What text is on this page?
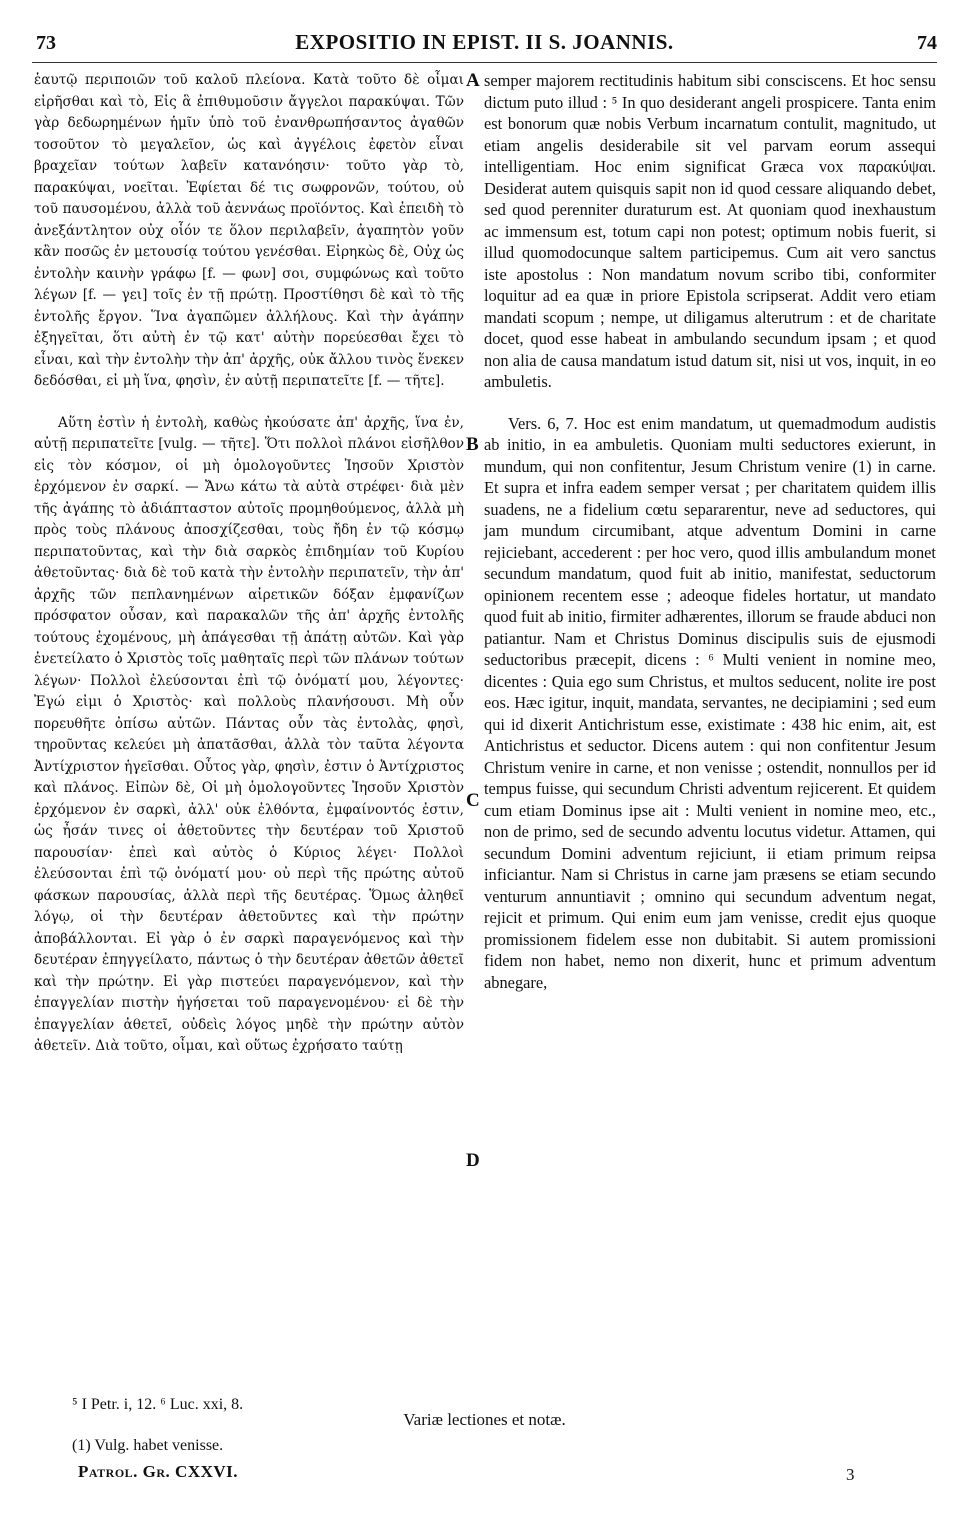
73	EXPOSITIO IN EPIST. II S. JOANNIS.	74

ἑαυτῷ περιποιῶν τοῦ καλοῦ πλείονα. Κατὰ τοῦτο δὲ οἶμαι εἰρῆσθαι καὶ τὸ, Εἰς ἃ ἐπιθυμοῦσιν ἄγγελοι παρακύψαι. Τῶν γὰρ δεδωρημένων ἡμῖν ὑπὸ τοῦ ἐνανθρωπήσαντος ἀγαθῶν τοσοῦτον τὸ μεγαλεῖον, ὡς καὶ ἀγγέλοις ἐφετὸν εἶναι βραχεῖαν τούτων λαβεῖν κατανόησιν· τοῦτο γὰρ τὸ, παρακύψαι, νοεῖται. Ἐφίεται δέ τις σωφρονῶν, τούτου, οὐ τοῦ παυσομένου, ἀλλὰ τοῦ ἀεννάως προϊόντος. Καὶ ἐπειδὴ τὸ ἀνεξάντλητον οὐχ οἷόν τε ὅλον περιλαβεῖν, ἀγαπητὸν γοῦν κἂν ποσῶς ἐν μετουσίᾳ τούτου γενέσθαι. Εἰρηκὼς δὲ, Οὐχ ὡς ἐντολὴν καινὴν γράφω [f. — φων] σοι, συμφώνως καὶ τοῦτο λέγων [f. — γει] τοῖς ἐν τῇ πρώτῃ. Προστίθησι δὲ καὶ τὸ τῆς ἐντολῆς ἔργον. Ἵνα ἀγαπῶμεν ἀλλήλους. Καὶ τὴν ἀγάπην ἐξηγεῖται, ὅτι αὐτὴ ἐν τῷ κατ' αὐτὴν πορεύεσθαι ἔχει τὸ εἶναι, καὶ τὴν ἐντολὴν τὴν ἀπ' ἀρχῆς, οὐκ ἄλλου τινὸς ἕνεκεν δεδόσθαι, εἰ μὴ ἵνα, φησὶν, ἐν αὐτῇ περιπατεῖτε [f. — τῆτε].

Αὕτη ἐστὶν ἡ ἐντολὴ, καθὼς ἠκούσατε ἀπ' ἀρχῆς, ἵνα ἐν, αὐτῇ περιπατεῖτε [vulg. — τῆτε]. Ὅτι πολλοὶ πλάνοι εἰσῆλθον εἰς τὸν κόσμον, οἱ μὴ ὁμολογοῦντες Ἰησοῦν Χριστὸν ἐρχόμενον ἐν σαρκί. — Ἄνω κάτω τὰ αὐτὰ στρέφει· διὰ μὲν τῆς ἀγάπης τὸ ἀδιάπταστον αὐτοῖς προμηθούμενος, ἀλλὰ μὴ πρὸς τοὺς πλάνους ἀποσχίζεσθαι, τοὺς ἤδη ἐν τῷ κόσμῳ περιπατοῦντας, καὶ τὴν διὰ σαρκὸς ἐπιδημίαν τοῦ Κυρίου ἀθετοῦντας· διὰ δὲ τοῦ κατὰ τὴν ἐντολὴν περιπατεῖν, τὴν ἀπ' ἀρχῆς τῶν πεπλανημένων αἱρετικῶν δόξαν ἐμφανίζων πρόσφατον οὖσαν, καὶ παρακαλῶν τῆς ἀπ' ἀρχῆς ἐντολῆς τούτους ἐχομένους, μὴ ἀπάγεσθαι τῇ ἀπάτῃ αὐτῶν. Καὶ γὰρ ἐνετείλατο ὁ Χριστὸς τοῖς μαθηταῖς περὶ τῶν πλάνων τούτων λέγων· Πολλοὶ ἐλεύσονται ἐπὶ τῷ ὀνόματί μου, λέγοντες· Ἐγώ εἰμι ὁ Χριστὸς· καὶ πολλοὺς πλανήσουσι. Μὴ οὖν πορευθῆτε ὀπίσω αὐτῶν. Πάντας οὖν τὰς ἐντολὰς, φησὶ, τηροῦντας κελεύει μὴ ἀπατᾶσθαι, ἀλλὰ τὸν ταῦτα λέγοντα Ἀντίχριστον ἡγεῖσθαι. Οὗτος γὰρ, φησὶν, ἐστιν ὁ Ἀντίχριστος καὶ πλάνος. Εἰπὼν δὲ, Οἱ μὴ ὁμολογοῦντες Ἰησοῦν Χριστὸν ἐρχόμενον ἐν σαρκὶ, ἀλλ' οὐκ ἐλθόντα, ἐμφαίνοντός ἐστιν, ὡς ἦσάν τινες οἱ ἀθετοῦντες τὴν δευτέραν τοῦ Χριστοῦ παρουσίαν· ἐπεὶ καὶ αὐτὸς ὁ Κύριος λέγει· Πολλοὶ ἐλεύσονται ἐπὶ τῷ ὀνόματί μου· οὐ περὶ τῆς πρώτης αὐτοῦ φάσκων παρουσίας, ἀλλὰ περὶ τῆς δευτέρας. Ὅμως ἀληθεῖ λόγῳ, οἱ τὴν δευτέραν ἀθετοῦντες καὶ τὴν πρώτην ἀποβάλλονται. Εἰ γὰρ ὁ ἐν σαρκὶ παραγενόμενος καὶ τὴν δευτέραν ἐπηγγείλατο, πάντως ὁ τὴν δευτέραν ἀθετῶν ἀθετεῖ καὶ τὴν πρώτην. Εἰ γὰρ πιστεύει παραγενόμενον, καὶ τὴν ἐπαγγελίαν πιστὴν ἡγήσεται τοῦ παραγενομένου· εἰ δὲ τὴν ἐπαγγελίαν ἀθετεῖ, οὐδεὶς λόγος μηδὲ τὴν πρώτην αὐτὸν ἀθετεῖν. Διὰ τοῦτο, οἶμαι, καὶ οὕτως ἐχρήσατο ταύτῃ

A
B
C
D

semper majorem rectitudinis habitum sibi consciscens. Et hoc sensu dictum puto illud : ⁵ In quo desiderant angeli prospicere. Tanta enim est bonorum quæ nobis Verbum incarnatum contulit, magnitudo, ut etiam angelis desiderabile sit vel parvam eorum assequi intelligentiam. Hoc enim significat Græca vox παρακύψαι. Desiderat autem quisquis sapit non id quod cessare aliquando debet, sed quod perenniter duraturum est. At quoniam quod inexhaustum ac immensum est, totum capi non potest; optimum nobis fuerit, si illud quomodocunque saltem participemus. Cum ait vero sanctus iste apostolus : Non mandatum novum scribo tibi, conformiter loquitur ad ea quæ in priore Epistola scripserat. Addit vero etiam mandati scopum ; nempe, ut diligamus alterutrum : et de charitate docet, quod esse habeat in ambulando secundum ipsam ; et quod non alia de causa mandatum istud datum sit, nisi ut vos, inquit, in eo ambuletis.

Vers. 6, 7. Hoc est enim mandatum, ut quemadmodum audistis ab initio, in ea ambuletis. Quoniam multi seductores exierunt, in mundum, qui non confitentur, Jesum Christum venire (1) in carne. Et supra et infra eadem semper versat ; per charitatem quidem illis suadens, ne a fidelium cœtu separarentur, neve ad seductores, qui jam mundum circumibant, atque adventum Domini in carne rejiciebant, accederent : per hoc vero, quod illis ambulandum monet secundum mandatum, quod fuit ab initio, manifestat, seductorum opinionem recentem esse ; adeoque fideles hortatur, ut mandato quod fuit ab initio, firmiter adhærentes, illorum se fraude abduci non patiantur. Nam et Christus Dominus discipulis suis de ejusmodi seductoribus præcepit, dicens : ⁶ Multi venient in nomine meo, dicentes : Quia ego sum Christus, et multos seducent, nolite ire post eos. Hæc igitur, inquit, mandata, servantes, ne decipiamini ; sed eum qui id dixerit Antichristum esse, existimate : 438 hic enim, ait, est Antichristus et seductor. Dicens autem : qui non confitentur Jesum Christum venire in carne, et non venisse ; ostendit, nonnullos per id tempus fuisse, qui secundum Christi adventum rejicerent. Et quidem cum etiam Dominus ipse ait : Multi venient in nomine meo, etc., non de primo, sed de secundo adventu locutus videtur. Attamen, qui secundum Domini adventum rejiciunt, ii etiam primum reipsa inficiantur. Nam si Christus in carne jam præsens se etiam secundo venturum annuntiavit ; omnino qui secundum adventum negat, rejicit et primum. Qui enim eum jam venisse, credit ejus quoque promissionem fidelem esse non dubitabit. Si autem promissioni fidem non habet, nemo non dixerit, hunc et primum adventum abnegare,

⁵ I Petr. i, 12. ⁶ Luc. xxi, 8.
Variæ lectiones et notæ.
(1) Vulg. habet venisse.
Patrol. Gr. CXXVI.	3
